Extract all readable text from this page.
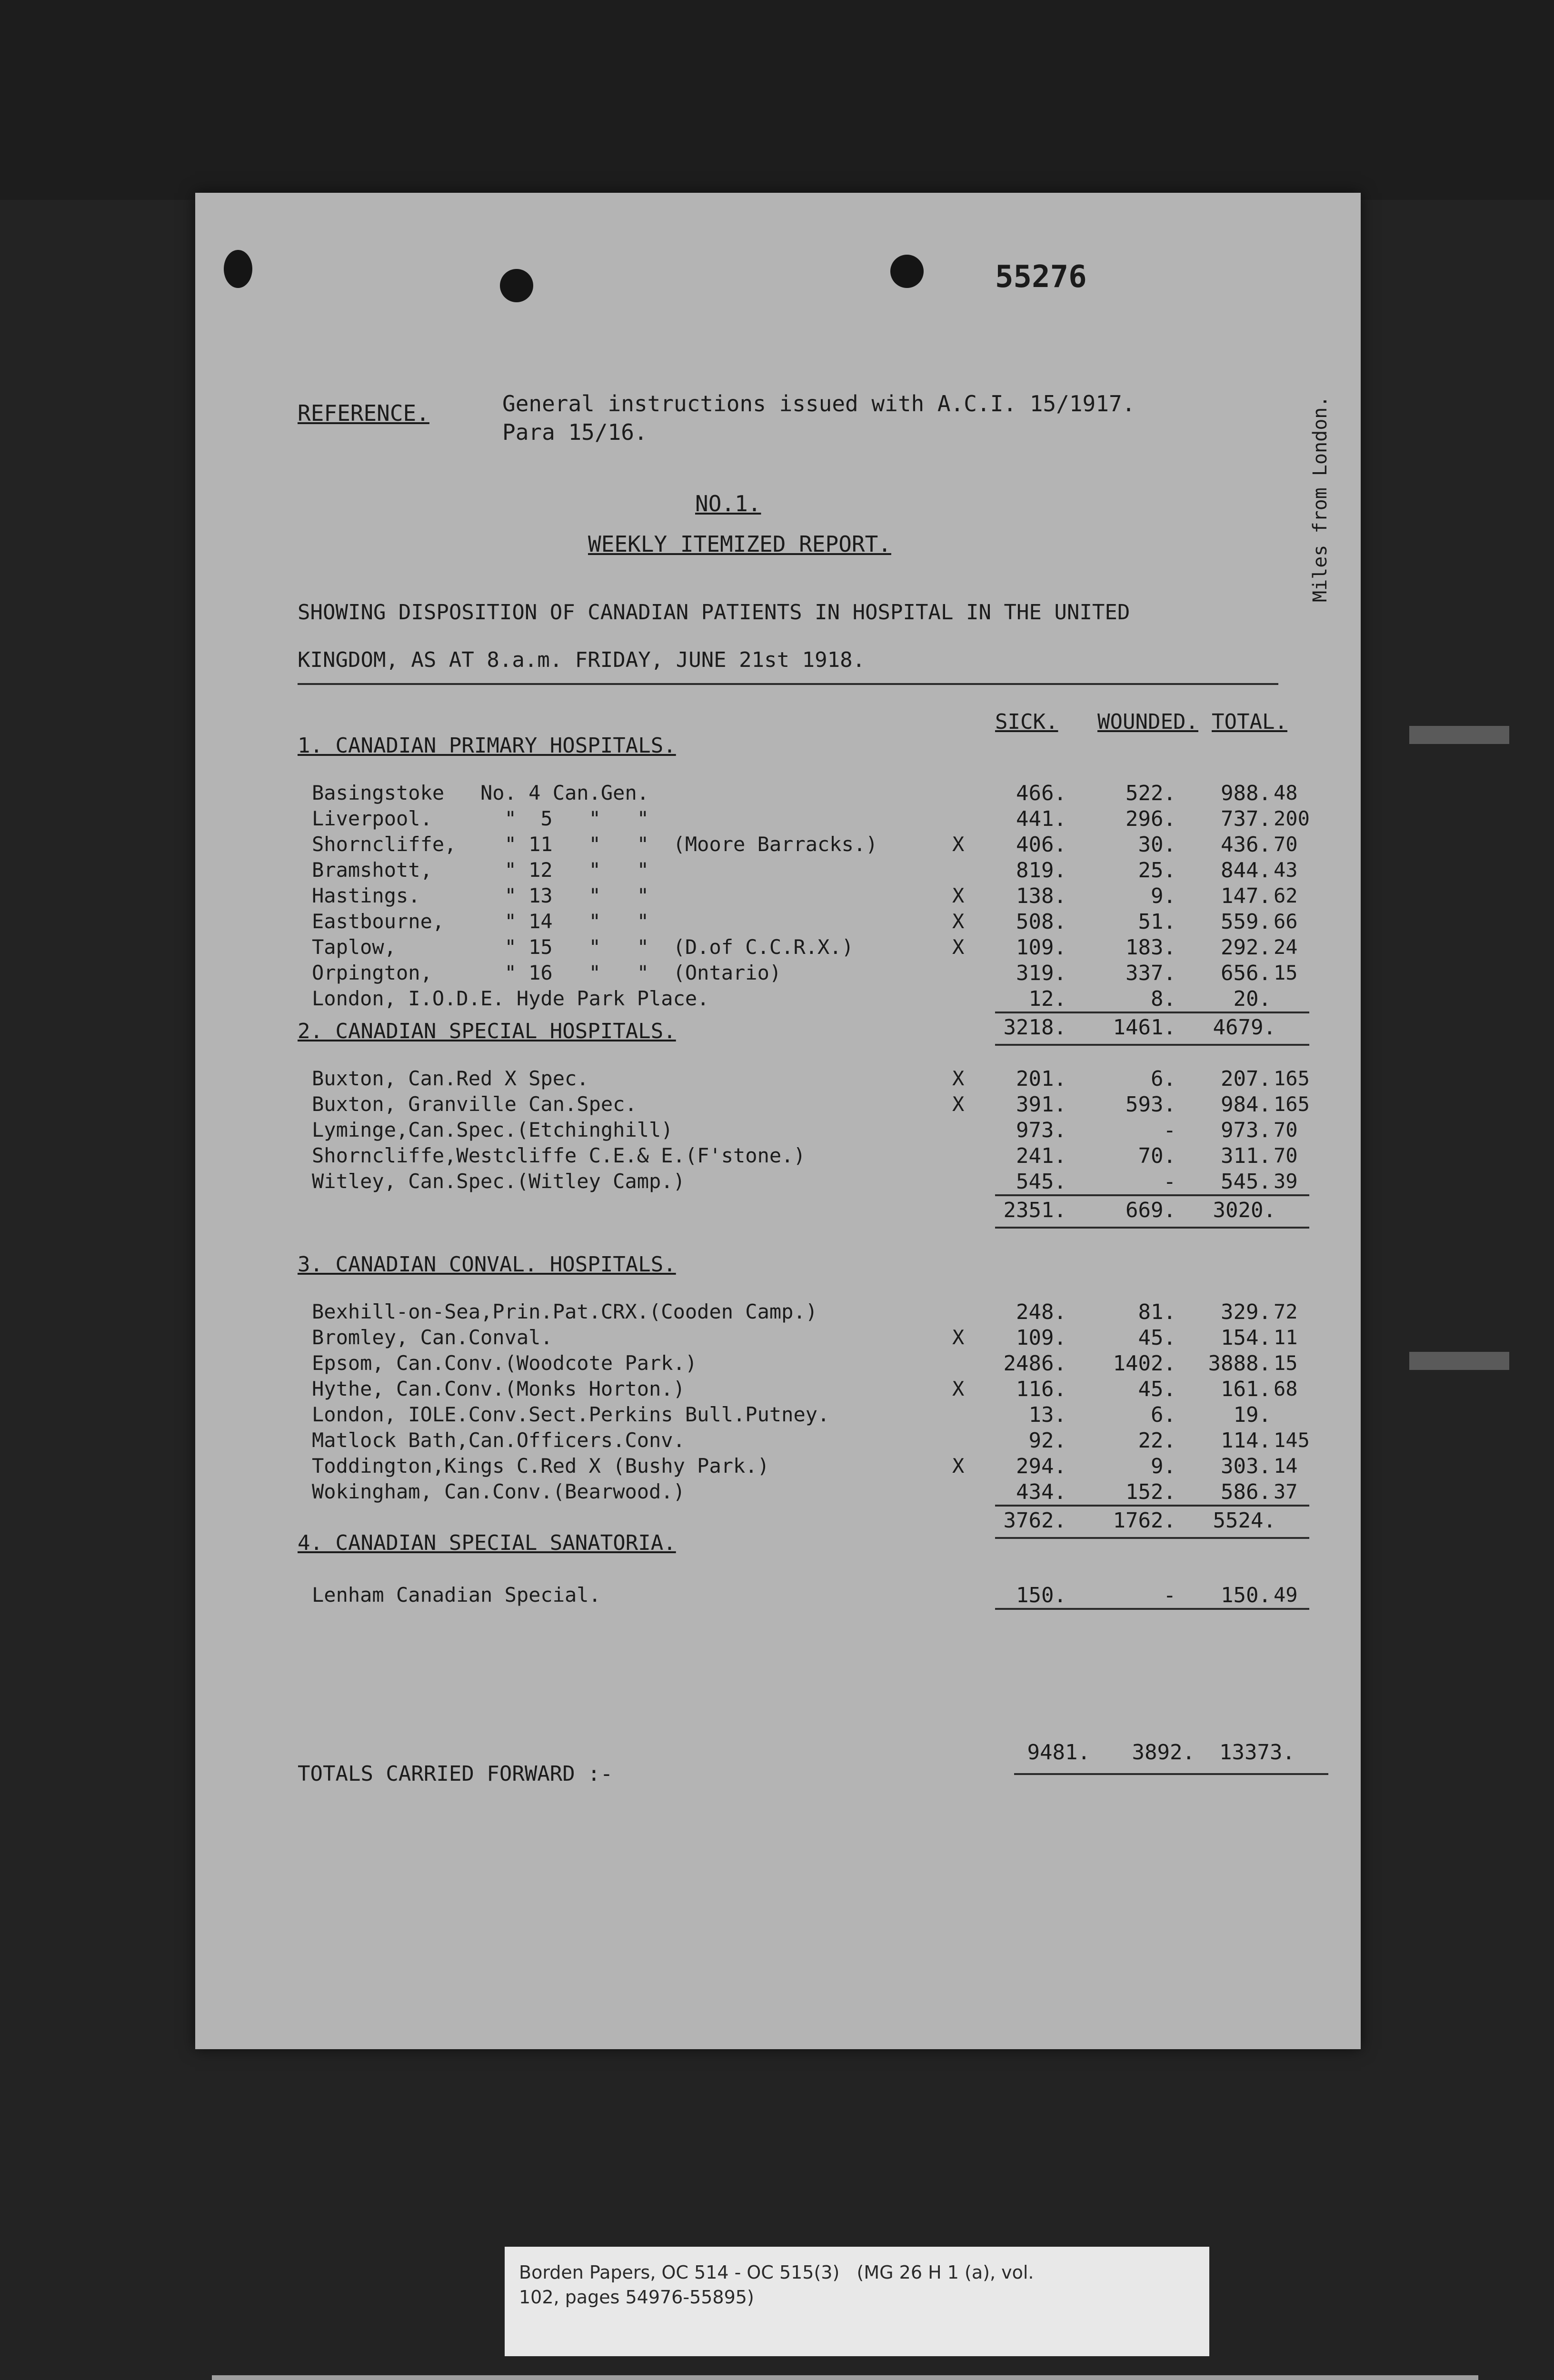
55276
Miles from London.
REFERENCE.	General instructions issued with A.C.I. 15/1917.
Para 15/16.
NO.1.
WEEKLY ITEMIZED REPORT.
SHOWING DISPOSITION OF CANADIAN PATIENTS IN HOSPITAL IN THE UNITED
KINGDOM, AS AT 8.a.m. FRIDAY, JUNE 21st 1918.
TOTALS CARRIED FORWARD :-
9481.	3892.	13373.
SICK. WOUNDED. TOTAL.
1. CANADIAN PRIMARY HOSPITALS.
Basingstoke   No. 4 Can.Gen.	466.	522.	988. 48
Liverpool.      "  5   "   "	441.	296.	737. 200
Shorncliffe,    " 11   "   "  (Moore Barracks.)	X	406.	30.	436. 70
Bramshott,      " 12   "   "	819.	25.	844. 43
Hastings.       " 13   "   "	X	138.	9.	147. 62
Eastbourne,     " 14   "   "	X	508.	51.	559. 66
Taplow,         " 15   "   "  (D.of C.C.R.X.)	X	109.	183.	292. 24
Orpington,      " 16   "   "  (Ontario)	319.	337.	656. 15
London, I.O.D.E. Hyde Park Place.	12.	8.	20.
3218.	1461.	4679.
2. CANADIAN SPECIAL HOSPITALS.
Buxton, Can.Red X Spec.	X	201.	6.	207. 165
Buxton, Granville Can.Spec.	X	391.	593.	984. 165
Lyminge,Can.Spec.(Etchinghill)	973.	-	973. 70
Shorncliffe,Westcliffe C.E.& E.(F'stone.)	241.	70.	311. 70
Witley, Can.Spec.(Witley Camp.)	545.	-	545. 39
2351.	669.	3020.
3. CANADIAN CONVAL. HOSPITALS.
Bexhill-on-Sea,Prin.Pat.CRX.(Cooden Camp.)	248.	81.	329. 72
Bromley, Can.Conval.	X	109.	45.	154. 11
Epsom, Can.Conv.(Woodcote Park.)	2486.	1402.	3888. 15
Hythe, Can.Conv.(Monks Horton.)	X	116.	45.	161. 68
London, IOLE.Conv.Sect.Perkins Bull.Putney.	13.	6.	19.
Matlock Bath,Can.Officers.Conv.	92.	22.	114. 145
Toddington,Kings C.Red X (Bushy Park.)	X	294.	9.	303. 14
Wokingham, Can.Conv.(Bearwood.)	434.	152.	586. 37
3762.	1762.	5524.
4. CANADIAN SPECIAL SANATORIA.
Lenham Canadian Special.	150.	-	150. 49
Borden Papers, OC 514 - OC 515(3)   (MG 26 H 1 (a), vol.
102, pages 54976-55895)
